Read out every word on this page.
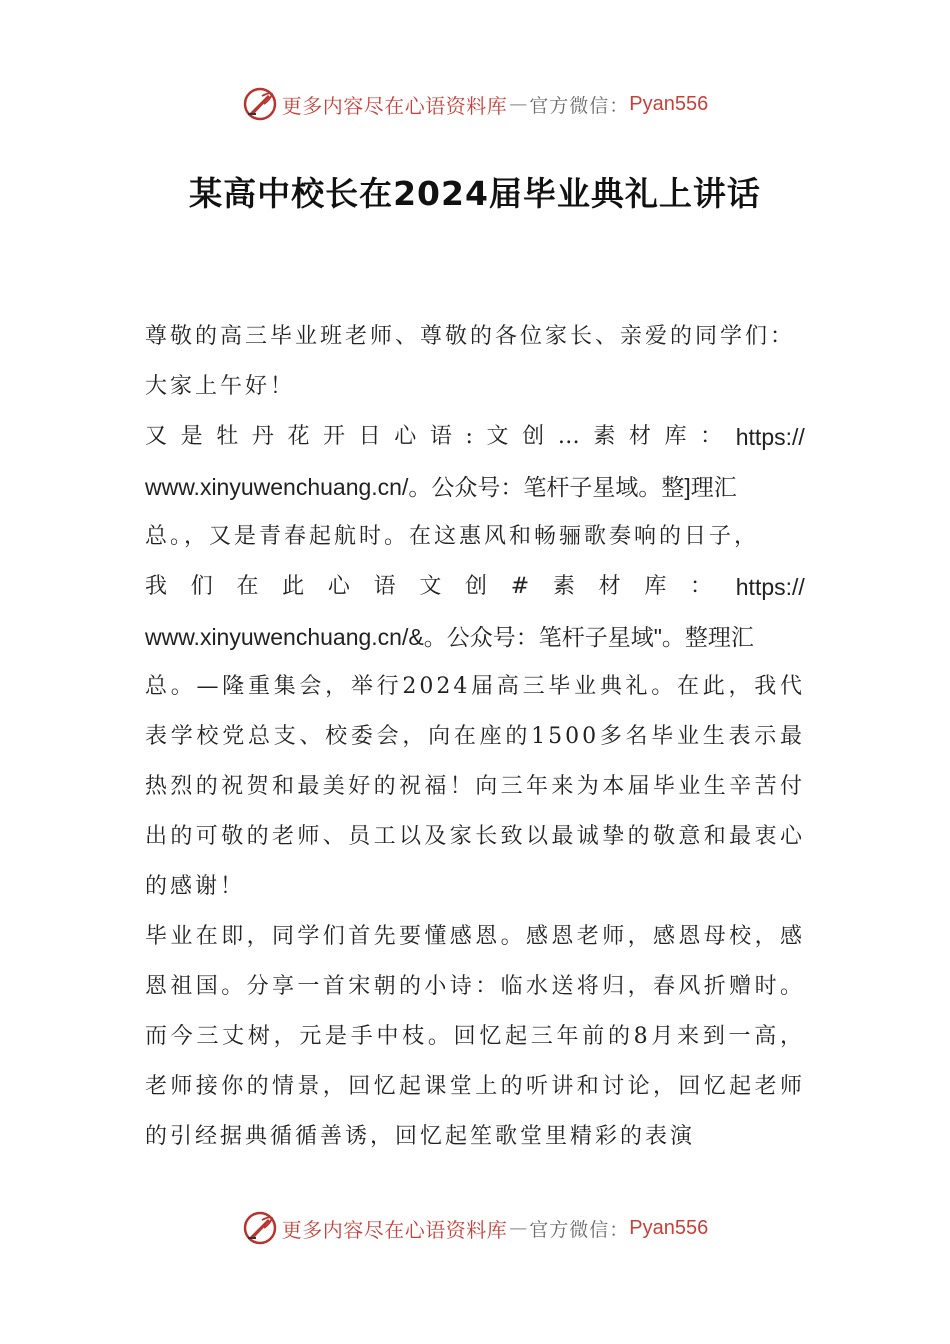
更多内容尽在心语资料库 — 官方微信： Pyan556
某高中校长在2024届毕业典礼上讲话

尊敬的高三毕业班老师、尊敬的各位家长、亲爱的同学们：

大家上午好！

又 是 牡 丹 花 开 日 心 语 : 文 创 … 素 材 库 ： https://
www.xinyuwenchuang.cn/。公众号：笔杆子星域。整]理汇
总。，又是青春起航时。在这惠风和畅骊歌奏响的日子，
我 们 在 此 心 语 文 创 # 素 材 库 ： https://
www.xinyuwenchuang.cn/&。公众号：笔杆子星域"。整理汇

总。—隆重集会，举行2024届高三毕业典礼。在此，我代表学校党总支、校委会，向在座的1500多名毕业生表示最热烈的祝贺和最美好的祝福！向三年来为本届毕业生辛苦付出的可敬的老师、员工以及家长致以最诚挚的敬意和最衷心的感谢！

毕业在即，同学们首先要懂感恩。感恩老师，感恩母校，感恩祖国。分享一首宋朝的小诗：临水送将归，春风折赠时。而今三丈树，元是手中枝。回忆起三年前的8月来到一高，老师接你的情景，回忆起课堂上的听讲和讨论，回忆起老师的引经据典循循善诱，回忆起笙歌堂里精彩的表演

更多内容尽在心语资料库 — 官方微信： Pyan556
